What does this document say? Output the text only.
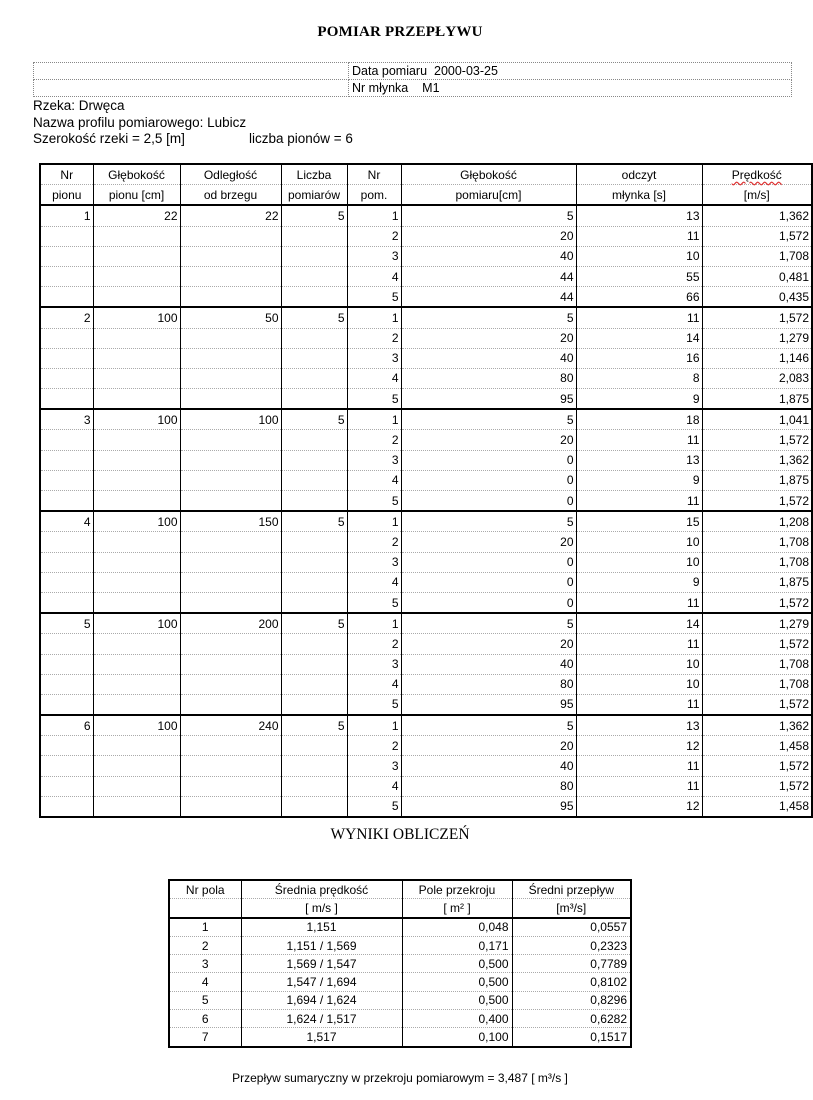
POMIAR PRZEPŁYWU
	Data pomiaru 2000-03-25
	Nr młynka M1
Rzeka: Drwęca
Nazwa profilu pomiarowego: Lubicz
Szerokość rzeki = 2,5 [m]	liczba pionów = 6
Nr	Głębokość	Odległość	Liczba	Nr	Głębokość	odczyt	Prędkość
pionu	pionu [cm]	od brzegu	pomiarów	pom.	pomiaru[cm]	młynka [s]	[m/s]
1	22	22	5	1	5	13	1,362
				2	20	11	1,572
				3	40	10	1,708
				4	44	55	0,481
				5	44	66	0,435
2	100	50	5	1	5	11	1,572
				2	20	14	1,279
				3	40	16	1,146
				4	80	8	2,083
				5	95	9	1,875
3	100	100	5	1	5	18	1,041
				2	20	11	1,572
				3	0	13	1,362
				4	0	9	1,875
				5	0	11	1,572
4	100	150	5	1	5	15	1,208
				2	20	10	1,708
				3	0	10	1,708
				4	0	9	1,875
				5	0	11	1,572
5	100	200	5	1	5	14	1,279
				2	20	11	1,572
				3	40	10	1,708
				4	80	10	1,708
				5	95	11	1,572
6	100	240	5	1	5	13	1,362
				2	20	12	1,458
				3	40	11	1,572
				4	80	11	1,572
				5	95	12	1,458
WYNIKI OBLICZEŃ
Nr pola	Średnia prędkość	Pole przekroju	Średni przepływ
	[ m/s ]	[ m² ]	[m³/s]
1	1,151	0,048	0,0557
2	1,151 / 1,569	0,171	0,2323
3	1,569 / 1,547	0,500	0,7789
4	1,547 / 1,694	0,500	0,8102
5	1,694 / 1,624	0,500	0,8296
6	1,624 / 1,517	0,400	0,6282
7	1,517	0,100	0,1517
Przepływ sumaryczny w przekroju pomiarowym = 3,487 [ m³/s ]
